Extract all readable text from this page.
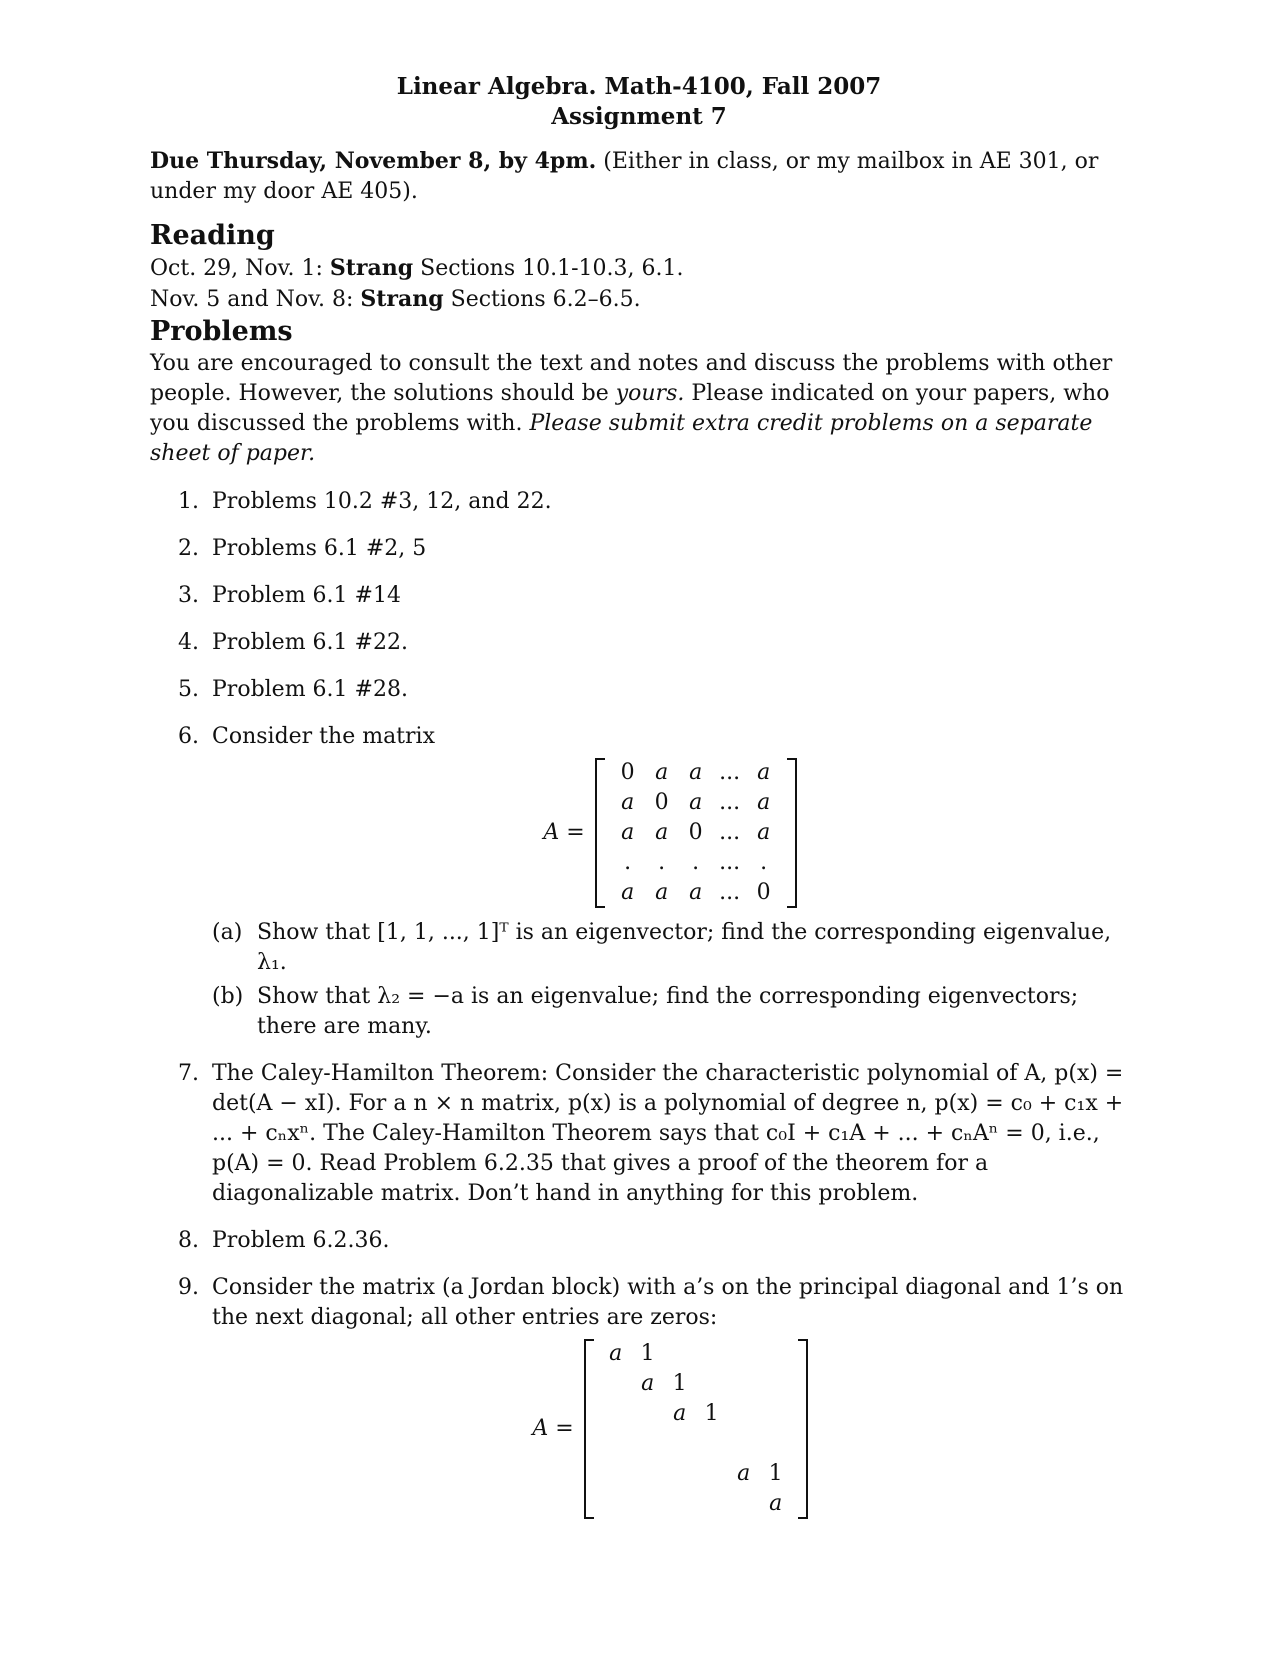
Linear Algebra. Math-4100, Fall 2007
Assignment 7
Due Thursday, November 8, by 4pm. (Either in class, or my mailbox in AE 301, or under my door AE 405).
Reading
Oct. 29, Nov. 1: Strang Sections 10.1-10.3, 6.1.
Nov. 5 and Nov. 8: Strang Sections 6.2–6.5.
Problems
You are encouraged to consult the text and notes and discuss the problems with other people. However, the solutions should be yours. Please indicated on your papers, who you discussed the problems with. Please submit extra credit problems on a separate sheet of paper.
1. Problems 10.2 #3, 12, and 22.
2. Problems 6.1 #2, 5
3. Problem 6.1 #14
4. Problem 6.1 #22.
5. Problem 6.1 #28.
6. Consider the matrix
A =
0	a	a	...	a
a	0	a	...	a
a	a	0	...	a
.	.	.	...	.
a	a	a	...	0
(a) Show that [1, 1, ..., 1]ᵀ is an eigenvector; find the corresponding eigenvalue, λ₁.
(b) Show that λ₂ = −a is an eigenvalue; find the corresponding eigenvectors; there are many.
7. The Caley-Hamilton Theorem: Consider the characteristic polynomial of A, p(x) = det(A − xI). For a n × n matrix, p(x) is a polynomial of degree n, p(x) = c₀ + c₁x + ... + cₙxⁿ. The Caley-Hamilton Theorem says that c₀I + c₁A + ... + cₙAⁿ = 0, i.e., p(A) = 0. Read Problem 6.2.35 that gives a proof of the theorem for a diagonalizable matrix. Don’t hand in anything for this problem.
8. Problem 6.2.36.
9. Consider the matrix (a Jordan block) with a’s on the principal diagonal and 1’s on the next diagonal; all other entries are zeros:
A =
a	1				
	a	1			
		a	1		

				a	1
					a
